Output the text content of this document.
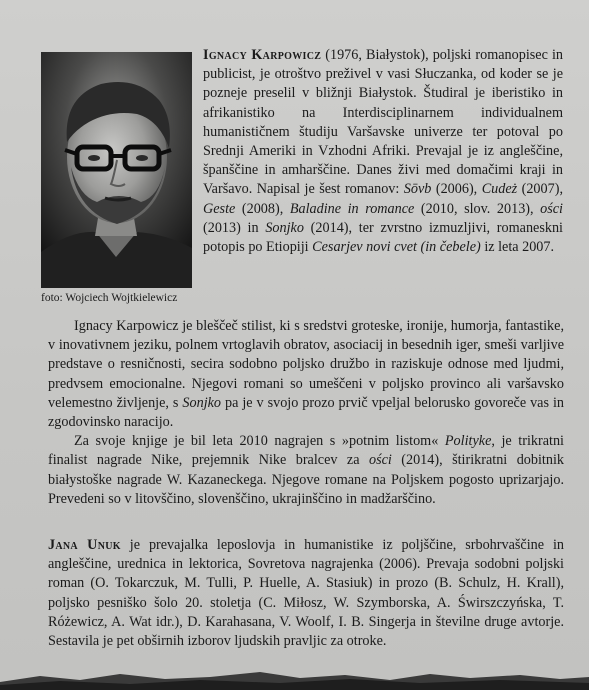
foto: Wojciech Wojtkielewicz
Ignacy Karpowicz (1976, Białystok), poljski romanopisec in publicist, je otroštvo preživel v vasi Słuczanka, od koder se je pozneje preselil v bližnji Białystok. Študiral je iberistiko in afrikanistiko na Interdisciplinarnem individualnem humanističnem študiju Varšavske univerze ter potoval po Srednji Ameriki in Vzhodni Afriki. Prevajal je iz angleščine, španščine in amharščine. Danes živi med domačimi kraji in Varšavo. Napisal je šest romanov: Sōvb (2006), Cudeż (2007), Geste (2008), Baladine in romance (2010, slov. 2013), ości (2013) in Sonjko (2014), ter zvrstno izmuzljivi, romaneskni potopis po Etiopiji Cesarjev novi cvet (in čebele) iz leta 2007.

Ignacy Karpowicz je bleščeč stilist, ki s sredstvi groteske, ironije, humorja, fantastike, v inovativnem jeziku, polnem vrtoglavih obratov, asociacij in besednih iger, smeši varljive predstave o resničnosti, secira sodobno poljsko družbo in raziskuje odnose med ljudmi, predvsem emocionalne. Njegovi romani so umeščeni v poljsko provinco ali varšavsko velemestno življenje, s Sonjko pa je v svojo prozo prvič vpeljal belorusko govoreče vas in zgodovinsko naracijo.

Za svoje knjige je bil leta 2010 nagrajen s »potnim listom« Polityke, je trikratni finalist nagrade Nike, prejemnik Nike bralcev za ości (2014), štirikratni dobitnik białystoške nagrade W. Kazaneckega. Njegove romane na Poljskem pogosto uprizarjajo. Prevedeni so v litovščino, slovenščino, ukrajinščino in madžarščino.

Jana Unuk je prevajalka leposlovja in humanistike iz poljščine, srbohrvaščine in angleščine, urednica in lektorica, Sovretova nagrajenka (2006). Prevaja sodobni poljski roman (O. Tokarczuk, M. Tulli, P. Huelle, A. Stasiuk) in prozo (B. Schulz, H. Krall), poljsko pesniško šolo 20. stoletja (C. Miłosz, W. Szymborska, A. Świrszczyńska, T. Różewicz, A. Wat idr.), D. Karahasana, V. Woolf, I. B. Singerja in številne druge avtorje. Sestavila je pet obširnih izborov ljudskih pravljic za otroke.
